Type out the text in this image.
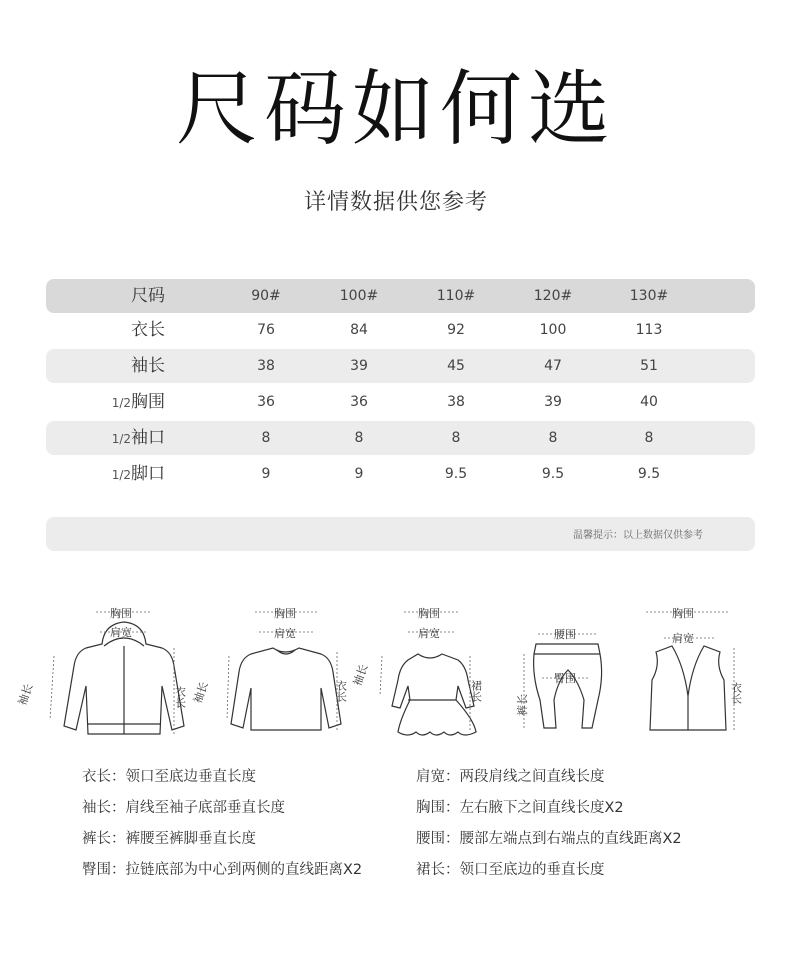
尺码如何选
详情数据供您参考
尺码	90#	100#	110#	120#	130#
衣长	76	84	92	100	113
袖长	38	39	45	47	51
1/2胸围	36	36	38	39	40
1/2袖口	8	8	8	8	8
1/2脚口	9	9	9.5	9.5	9.5
温馨提示：以上数据仅供参考
胸围
肩宽
袖长	衣长
胸围
肩宽
袖长	衣长
胸围
肩宽
袖长
裙长
腰围
臀围
裤长
胸围
肩宽
衣长
衣长：领口至底边垂直长度	肩宽：两段肩线之间直线长度
袖长：肩线至袖子底部垂直长度	胸围：左右腋下之间直线长度X2
裤长：裤腰至裤脚垂直长度	腰围：腰部左端点到右端点的直线距离X2
臀围：拉链底部为中心到两侧的直线距离X2	裙长：领口至底边的垂直长度
